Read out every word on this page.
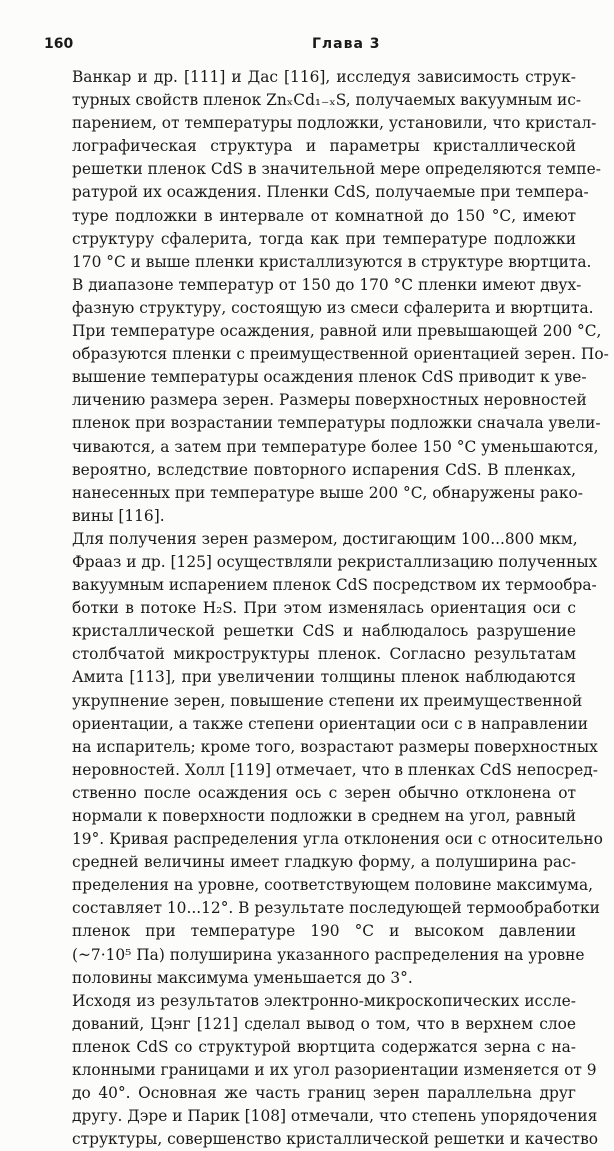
160	Глава 3

Ванкар и др. [111] и Дас [116], исследуя зависимость струк-
турных свойств пленок ZnₓCd₁₋ₓS, получаемых вакуумным ис-
парением, от температуры подложки, установили, что кристал-
лографическая структура и параметры кристаллической
решетки пленок CdS в значительной мере определяются темпе-
ратурой их осаждения. Пленки CdS, получаемые при темпера-
туре подложки в интервале от комнатной до 150 °С, имеют
структуру сфалерита, тогда как при температуре подложки
170 °С и выше пленки кристаллизуются в структуре вюртцита.
В диапазоне температур от 150 до 170 °С пленки имеют двух-
фазную структуру, состоящую из смеси сфалерита и вюртцита.
При температуре осаждения, равной или превышающей 200 °С,
образуются пленки с преимущественной ориентацией зерен. По-
вышение температуры осаждения пленок CdS приводит к уве-
личению размера зерен. Размеры поверхностных неровностей
пленок при возрастании температуры подложки сначала увели-
чиваются, а затем при температуре более 150 °С уменьшаются,
вероятно, вследствие повторного испарения CdS. В пленках,
нанесенных при температуре выше 200 °С, обнаружены рако-
вины [116].

Для получения зерен размером, достигающим 100...800 мкм,
Фрааз и др. [125] осуществляли рекристаллизацию полученных
вакуумным испарением пленок CdS посредством их термообра-
ботки в потоке H₂S. При этом изменялась ориентация оси c
кристаллической решетки CdS и наблюдалось разрушение
столбчатой микроструктуры пленок. Согласно результатам
Амита [113], при увеличении толщины пленок наблюдаются
укрупнение зерен, повышение степени их преимущественной
ориентации, а также степени ориентации оси c в направлении
на испаритель; кроме того, возрастают размеры поверхностных
неровностей. Холл [119] отмечает, что в пленках CdS непосред-
ственно после осаждения ось c зерен обычно отклонена от
нормали к поверхности подложки в среднем на угол, равный
19°. Кривая распределения угла отклонения оси c относительно
средней величины имеет гладкую форму, а полуширина рас-
пределения на уровне, соответствующем половине максимума,
составляет 10...12°. В результате последующей термообработки
пленок при температуре 190 °С и высоком давлении
(~7·10⁵ Па) полуширина указанного распределения на уровне
половины максимума уменьшается до 3°.

Исходя из результатов электронно-микроскопических иссле-
дований, Цэнг [121] сделал вывод о том, что в верхнем слое
пленок CdS со структурой вюртцита содержатся зерна с на-
клонными границами и их угол разориентации изменяется от 9
до 40°. Основная же часть границ зерен параллельна друг
другу. Дэре и Парик [108] отмечали, что степень упорядочения
структуры, совершенство кристаллической решетки и качество
